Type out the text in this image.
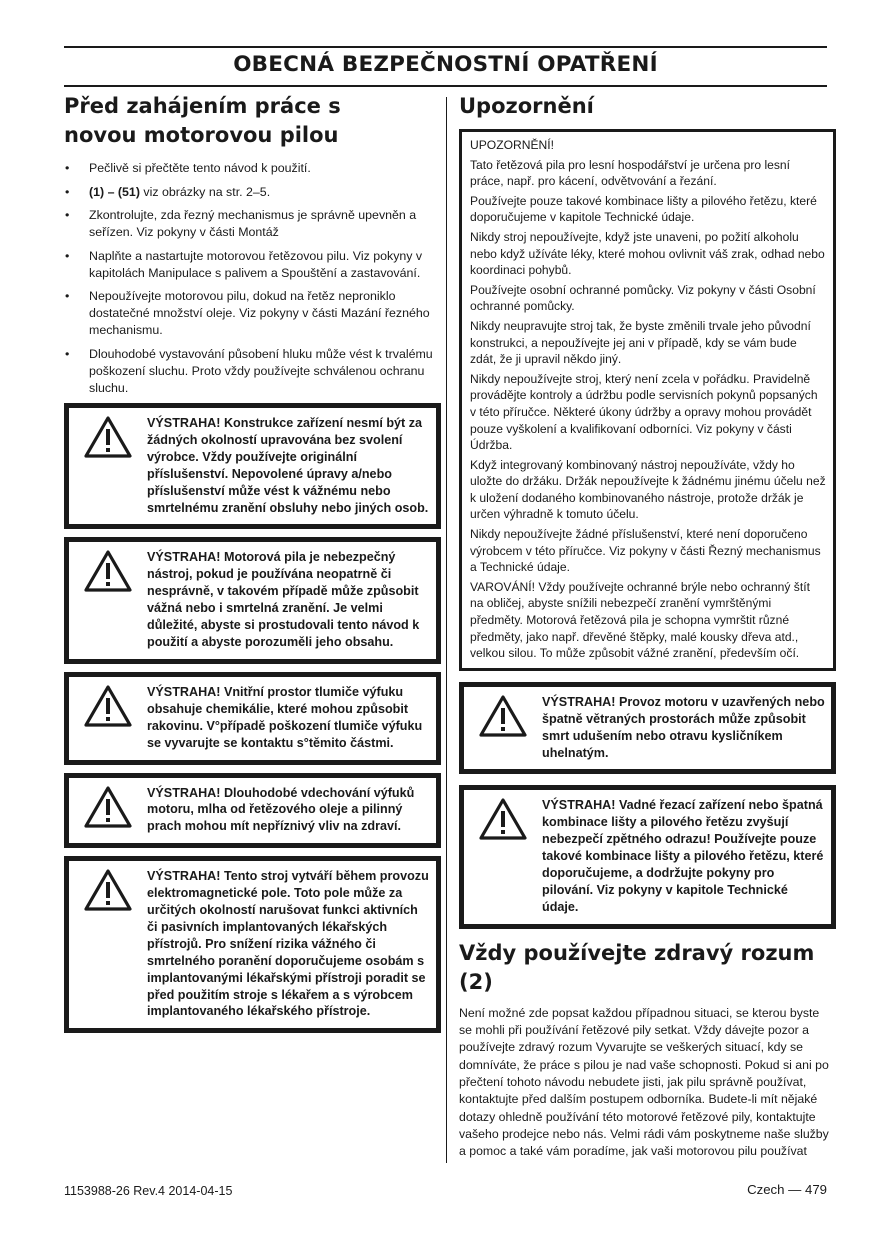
OBECNÁ BEZPEČNOSTNÍ OPATŘENÍ
Před zahájením práce s novou motorovou pilou
• Pečlivě si přečtěte tento návod k použití.
• (1) – (51) viz obrázky na str. 2–5.
• Zkontrolujte, zda řezný mechanismus je správně upevněn a seřízen. Viz pokyny v části Montáž
• Naplňte a nastartujte motorovou řetězovou pilu. Viz pokyny v kapitolách Manipulace s palivem a Spouštění a zastavování.
• Nepoužívejte motorovou pilu, dokud na řetěz neproniklo dostatečné množství oleje. Viz pokyny v části Mazání řezného mechanismu.
• Dlouhodobé vystavování působení hluku může vést k trvalému poškození sluchu. Proto vždy používejte schválenou ochranu sluchu.
VÝSTRAHA! Konstrukce zařízení nesmí být za žádných okolností upravována bez svolení výrobce. Vždy používejte originální příslušenství. Nepovolené úpravy a/nebo příslušenství může vést k vážnému nebo smrtelnému zranění obsluhy nebo jiných osob.
VÝSTRAHA! Motorová pila je nebezpečný nástroj, pokud je používána neopatrně či nesprávně, v takovém případě může způsobit vážná nebo i smrtelná zranění. Je velmi důležité, abyste si prostudovali tento návod k použití a abyste porozuměli jeho obsahu.
VÝSTRAHA! Vnitřní prostor tlumiče výfuku obsahuje chemikálie, které mohou způsobit rakovinu. V°případě poškození tlumiče výfuku se vyvarujte se kontaktu s°těmito částmi.
VÝSTRAHA! Dlouhodobé vdechování výfuků motoru, mlha od řetězového oleje a pilinný prach mohou mít nepříznivý vliv na zdraví.
VÝSTRAHA! Tento stroj vytváří během provozu elektromagnetické pole. Toto pole může za určitých okolností narušovat funkci aktivních či pasivních implantovaných lékařských přístrojů. Pro snížení rizika vážného či smrtelného poranění doporučujeme osobám s implantovanými lékařskými přístroji poradit se před použitím stroje s lékařem a s výrobcem implantovaného lékařského přístroje.
Upozornění

UPOZORNĚNÍ!

Tato řetězová pila pro lesní hospodářství je určena pro lesní práce, např. pro kácení, odvětvování a řezání.

Používejte pouze takové kombinace lišty a pilového řetězu, které doporučujeme v kapitole Technické údaje.

Nikdy stroj nepoužívejte, když jste unaveni, po požití alkoholu nebo když užíváte léky, které mohou ovlivnit váš zrak, odhad nebo koordinaci pohybů.

Používejte osobní ochranné pomůcky. Viz pokyny v části Osobní ochranné pomůcky.

Nikdy neupravujte stroj tak, že byste změnili trvale jeho původní konstrukci, a nepoužívejte jej ani v případě, kdy se vám bude zdát, že ji upravil někdo jiný.

Nikdy nepoužívejte stroj, který není zcela v pořádku. Pravidelně provádějte kontroly a údržbu podle servisních pokynů popsaných v této příručce. Některé úkony údržby a opravy mohou provádět pouze vyškolení a kvalifikovaní odborníci. Viz pokyny v části Údržba.

Když integrovaný kombinovaný nástroj nepoužíváte, vždy ho uložte do držáku. Držák nepoužívejte k žádnému jinému účelu než k uložení dodaného kombinovaného nástroje, protože držák je určen výhradně k tomuto účelu.

Nikdy nepoužívejte žádné příslušenství, které není doporučeno výrobcem v této příručce. Viz pokyny v části Řezný mechanismus a Technické údaje.

VAROVÁNÍ! Vždy používejte ochranné brýle nebo ochranný štít na obličej, abyste snížili nebezpečí zranění vymrštěnými předměty. Motorová řetězová pila je schopna vymrštit různé předměty, jako např. dřevěné štěpky, malé kousky dřeva atd., velkou silou. To může způsobit vážné zranění, především očí.

VÝSTRAHA! Provoz motoru v uzavřených nebo špatně větraných prostorách může způsobit smrt udušením nebo otravu kysličníkem uhelnatým.
VÝSTRAHA! Vadné řezací zařízení nebo špatná kombinace lišty a pilového řetězu zvyšují nebezpečí zpětného odrazu! Používejte pouze takové kombinace lišty a pilového řetězu, které doporučujeme, a dodržujte pokyny pro pilování. Viz pokyny v kapitole Technické údaje.
Vždy používejte zdravý rozum (2)

Není možné zde popsat každou případnou situaci, se kterou byste se mohli při používání řetězové pily setkat. Vždy dávejte pozor a používejte zdravý rozum Vyvarujte se veškerých situací, kdy se domníváte, že práce s pilou je nad vaše schopnosti. Pokud si ani po přečtení tohoto návodu nebudete jisti, jak pilu správně používat, kontaktujte před dalším postupem odborníka. Budete-li mít nějaké dotazy ohledně používání této motorové řetězové pily, kontaktujte vašeho prodejce nebo nás. Velmi rádi vám poskytneme naše služby a pomoc a také vám poradíme, jak vaši motorovou pilu používat

1153988-26 Rev.4 2014-04-15	Czech — 479
